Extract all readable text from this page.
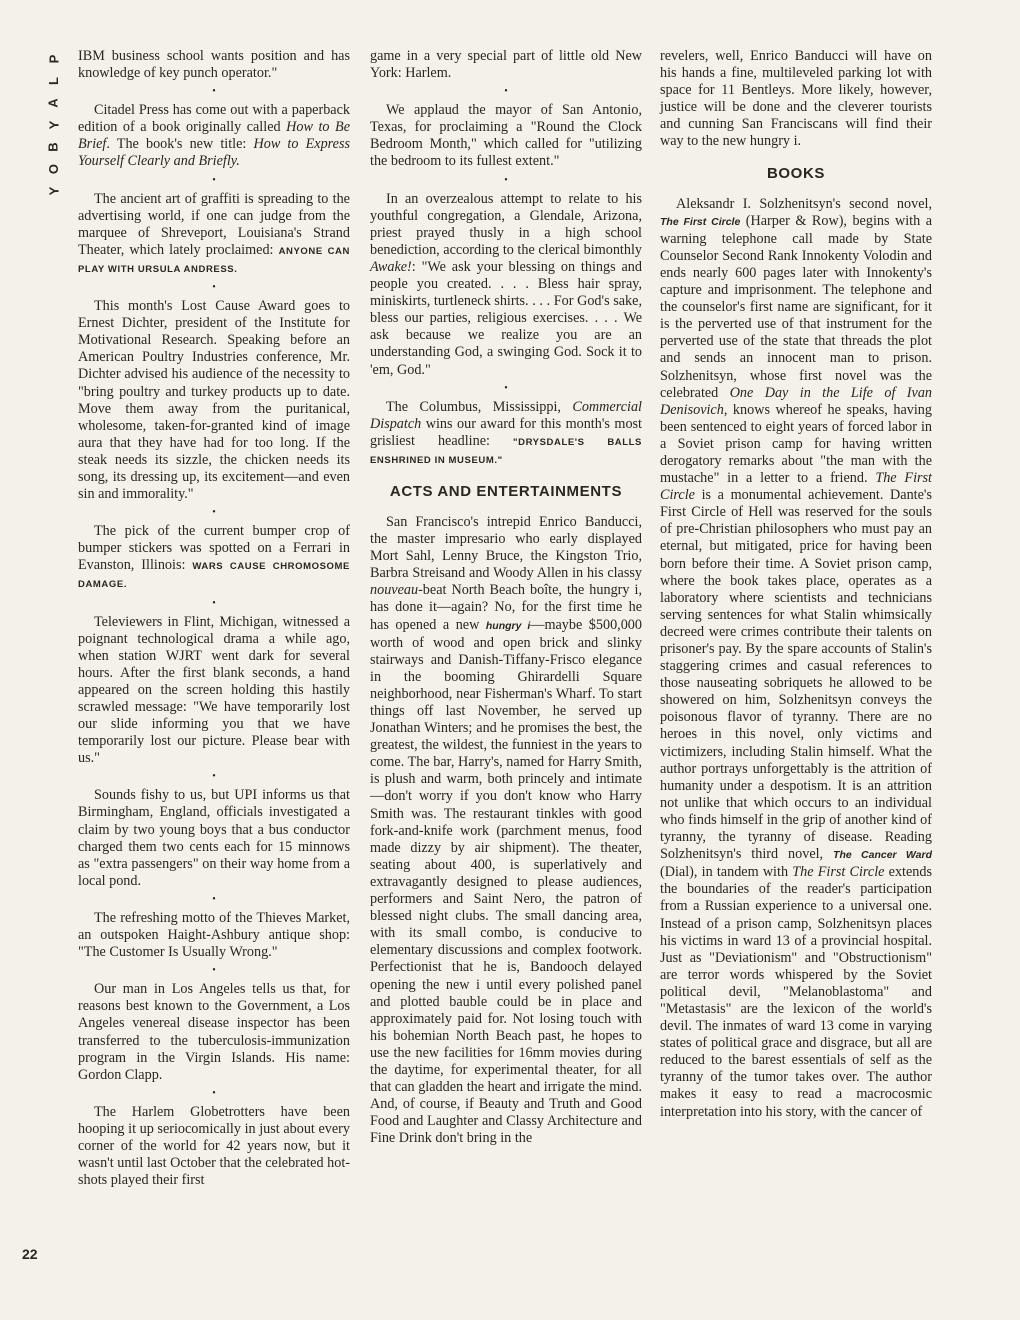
P
L
A
Y
B
O
Y
22

IBM business school wants position and has knowledge of key punch operator."

•

Citadel Press has come out with a paperback edition of a book originally called How to Be Brief. The book's new title: How to Express Yourself Clearly and Briefly.

•

The ancient art of graffiti is spreading to the advertising world, if one can judge from the marquee of Shreveport, Louisiana's Strand Theater, which lately proclaimed: ANYONE CAN PLAY WITH URSULA ANDRESS.

•

This month's Lost Cause Award goes to Ernest Dichter, president of the Institute for Motivational Research. Speaking before an American Poultry Industries conference, Mr. Dichter advised his audience of the necessity to "bring poultry and turkey products up to date. Move them away from the puritanical, wholesome, taken-for-granted kind of image aura that they have had for too long. If the steak needs its sizzle, the chicken needs its song, its dressing up, its excitement—and even sin and immorality."

•

The pick of the current bumper crop of bumper stickers was spotted on a Ferrari in Evanston, Illinois: WARS CAUSE CHROMOSOME DAMAGE.

•

Televiewers in Flint, Michigan, witnessed a poignant technological drama a while ago, when station WJRT went dark for several hours. After the first blank seconds, a hand appeared on the screen holding this hastily scrawled message: "We have temporarily lost our slide informing you that we have temporarily lost our picture. Please bear with us."

•

Sounds fishy to us, but UPI informs us that Birmingham, England, officials investigated a claim by two young boys that a bus conductor charged them two cents each for 15 minnows as "extra passengers" on their way home from a local pond.

•

The refreshing motto of the Thieves Market, an outspoken Haight-Ashbury antique shop: "The Customer Is Usually Wrong."

•

Our man in Los Angeles tells us that, for reasons best known to the Government, a Los Angeles venereal disease inspector has been transferred to the tuberculosis-immunization program in the Virgin Islands. His name: Gordon Clapp.

•

The Harlem Globetrotters have been hooping it up seriocomically in just about every corner of the world for 42 years now, but it wasn't until last October that the celebrated hot-shots played their first

game in a very special part of little old New York: Harlem.

•

We applaud the mayor of San Antonio, Texas, for proclaiming a "Round the Clock Bedroom Month," which called for "utilizing the bedroom to its fullest extent."

•

In an overzealous attempt to relate to his youthful congregation, a Glendale, Arizona, priest prayed thusly in a high school benediction, according to the clerical bimonthly Awake!: "We ask your blessing on things and people you created. . . . Bless hair spray, miniskirts, turtleneck shirts. . . . For God's sake, bless our parties, religious exercises. . . . We ask because we realize you are an understanding God, a swinging God. Sock it to 'em, God."

•

The Columbus, Mississippi, Commercial Dispatch wins our award for this month's most grisliest headline: "DRYSDALE'S BALLS ENSHRINED IN MUSEUM."

ACTS AND ENTERTAINMENTS

San Francisco's intrepid Enrico Banducci, the master impresario who early displayed Mort Sahl, Lenny Bruce, the Kingston Trio, Barbra Streisand and Woody Allen in his classy nouveau-beat North Beach boîte, the hungry i, has done it—again? No, for the first time he has opened a new hungry i—maybe $500,000 worth of wood and open brick and slinky stairways and Danish-Tiffany-Frisco elegance in the booming Ghirardelli Square neighborhood, near Fisherman's Wharf. To start things off last November, he served up Jonathan Winters; and he promises the best, the greatest, the wildest, the funniest in the years to come. The bar, Harry's, named for Harry Smith, is plush and warm, both princely and intimate—don't worry if you don't know who Harry Smith was. The restaurant tinkles with good fork-and-knife work (parchment menus, food made dizzy by air shipment). The theater, seating about 400, is superlatively and extravagantly designed to please audiences, performers and Saint Nero, the patron of blessed night clubs. The small dancing area, with its small combo, is conducive to elementary discussions and complex footwork. Perfectionist that he is, Bandooch delayed opening the new i until every polished panel and plotted bauble could be in place and approximately paid for. Not losing touch with his bohemian North Beach past, he hopes to use the new facilities for 16mm movies during the daytime, for experimental theater, for all that can gladden the heart and irrigate the mind. And, of course, if Beauty and Truth and Good Food and Laughter and Classy Architecture and Fine Drink don't bring in the

revelers, well, Enrico Banducci will have on his hands a fine, multileveled parking lot with space for 11 Bentleys. More likely, however, justice will be done and the cleverer tourists and cunning San Franciscans will find their way to the new hungry i.

BOOKS

Aleksandr I. Solzhenitsyn's second novel, The First Circle (Harper & Row), begins with a warning telephone call made by State Counselor Second Rank Innokenty Volodin and ends nearly 600 pages later with Innokenty's capture and imprisonment. The telephone and the counselor's first name are significant, for it is the perverted use of that instrument for the perverted use of the state that threads the plot and sends an innocent man to prison. Solzhenitsyn, whose first novel was the celebrated One Day in the Life of Ivan Denisovich, knows whereof he speaks, having been sentenced to eight years of forced labor in a Soviet prison camp for having written derogatory remarks about "the man with the mustache" in a letter to a friend. The First Circle is a monumental achievement. Dante's First Circle of Hell was reserved for the souls of pre-Christian philosophers who must pay an eternal, but mitigated, price for having been born before their time. A Soviet prison camp, where the book takes place, operates as a laboratory where scientists and technicians serving sentences for what Stalin whimsically decreed were crimes contribute their talents on prisoner's pay. By the spare accounts of Stalin's staggering crimes and casual references to those nauseating sobriquets he allowed to be showered on him, Solzhenitsyn conveys the poisonous flavor of tyranny. There are no heroes in this novel, only victims and victimizers, including Stalin himself. What the author portrays unforgettably is the attrition of humanity under a despotism. It is an attrition not unlike that which occurs to an individual who finds himself in the grip of another kind of tyranny, the tyranny of disease. Reading Solzhenitsyn's third novel, The Cancer Ward (Dial), in tandem with The First Circle extends the boundaries of the reader's participation from a Russian experience to a universal one. Instead of a prison camp, Solzhenitsyn places his victims in ward 13 of a provincial hospital. Just as "Deviationism" and "Obstructionism" are terror words whispered by the Soviet political devil, "Melanoblastoma" and "Metastasis" are the lexicon of the world's devil. The inmates of ward 13 come in varying states of political grace and disgrace, but all are reduced to the barest essentials of self as the tyranny of the tumor takes over. The author makes it easy to read a macrocosmic interpretation into his story, with the cancer of
